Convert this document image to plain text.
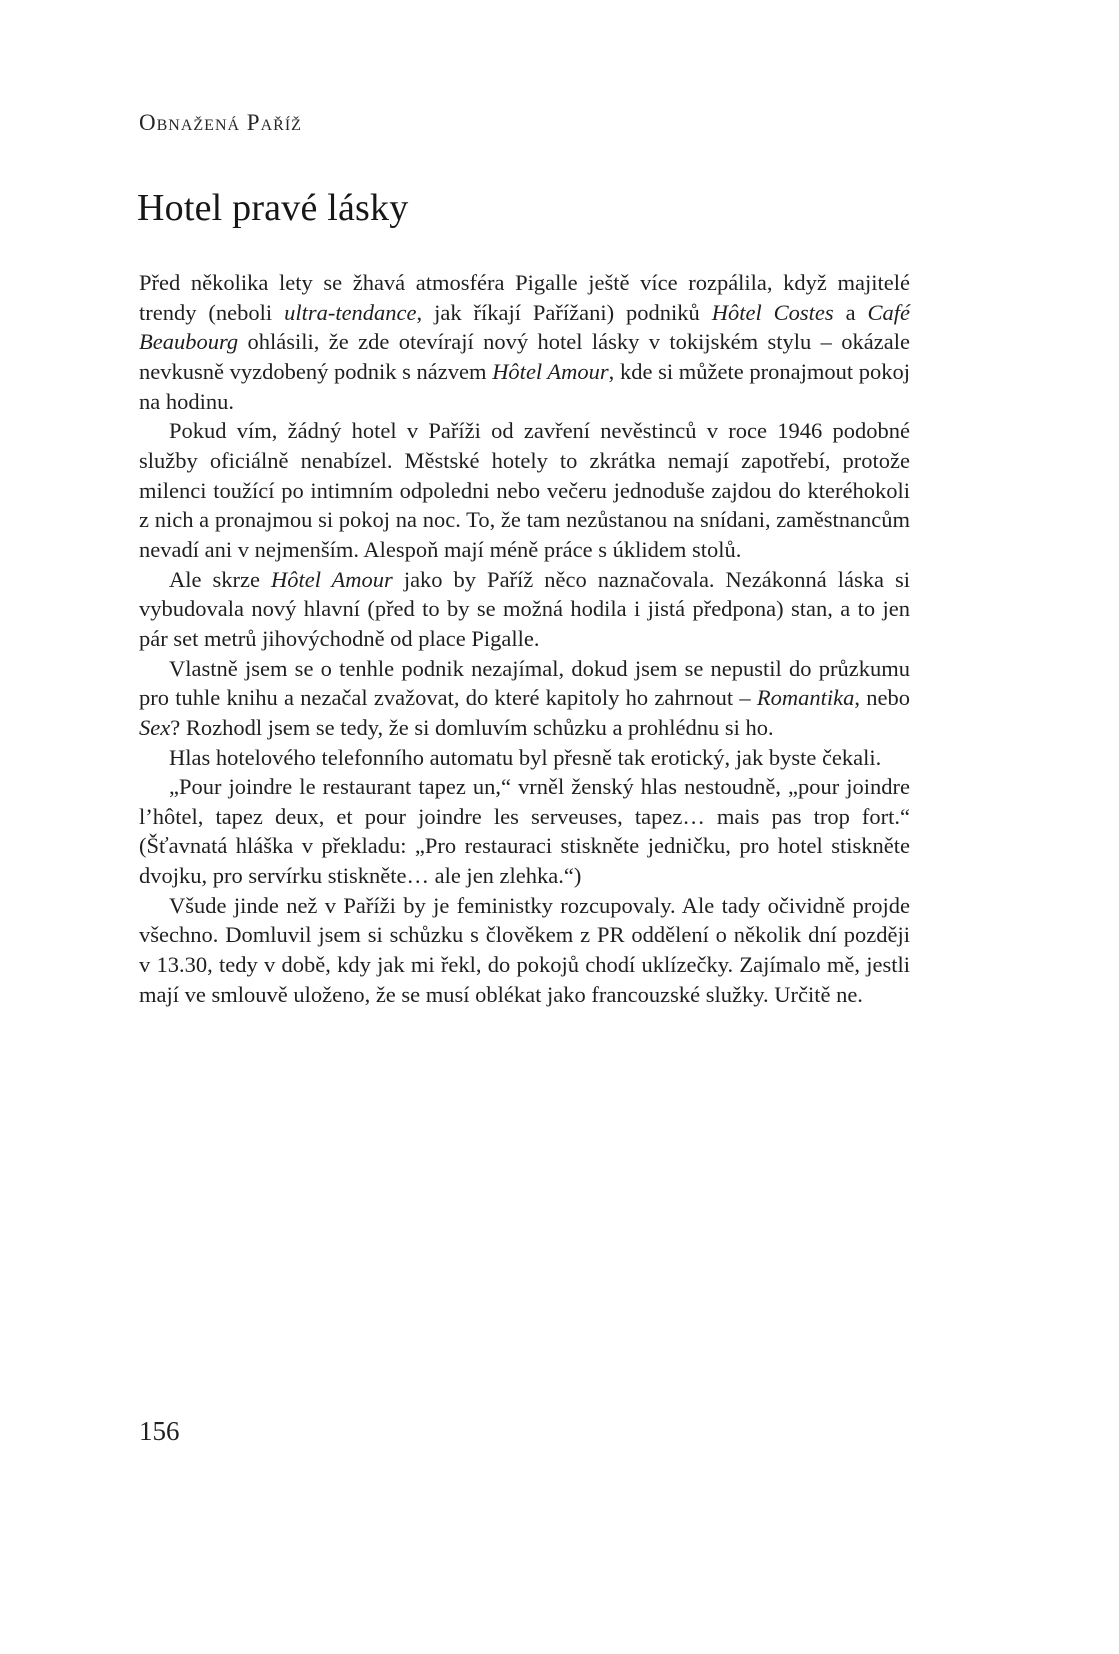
Obnažená Paříž
Hotel pravé lásky

Před několika lety se žhavá atmosféra Pigalle ještě více rozpálila, když majitelé trendy (neboli ultra-tendance, jak říkají Pařížani) podniků Hôtel Costes a Café Beaubourg ohlásili, že zde otevírají nový hotel lásky v tokijském stylu – okázale nevkusně vyzdobený podnik s názvem Hôtel Amour, kde si můžete pronajmout pokoj na hodinu.

Pokud vím, žádný hotel v Paříži od zavření nevěstinců v roce 1946 podobné služby oficiálně nenabízel. Městské hotely to zkrátka nemají zapotřebí, protože milenci toužící po intimním odpoledni nebo večeru jednoduše zajdou do kteréhokoli z nich a pronajmou si pokoj na noc. To, že tam nezůstanou na snídani, zaměstnancům nevadí ani v nejmenším. Alespoň mají méně práce s úklidem stolů.

Ale skrze Hôtel Amour jako by Paříž něco naznačovala. Nezákonná láska si vybudovala nový hlavní (před to by se možná hodila i jistá předpona) stan, a to jen pár set metrů jihovýchodně od place Pigalle.

Vlastně jsem se o tenhle podnik nezajímal, dokud jsem se nepustil do průzkumu pro tuhle knihu a nezačal zvažovat, do které kapitoly ho zahrnout – Romantika, nebo Sex? Rozhodl jsem se tedy, že si domluvím schůzku a prohlédnu si ho.

Hlas hotelového telefonního automatu byl přesně tak erotický, jak byste čekali.

„Pour joindre le restaurant tapez un,“ vrněl ženský hlas nestoudně, „pour joindre l’hôtel, tapez deux, et pour joindre les serveuses, tapez… mais pas trop fort.“ (Šťavnatá hláška v překladu: „Pro restauraci stiskněte jedničku, pro hotel stiskněte dvojku, pro servírku stiskněte… ale jen zlehka.“)

Všude jinde než v Paříži by je feministky rozcupovaly. Ale tady očividně projde všechno. Domluvil jsem si schůzku s člověkem z PR oddělení o několik dní později v 13.30, tedy v době, kdy jak mi řekl, do pokojů chodí uklízečky. Zajímalo mě, jestli mají ve smlouvě uloženo, že se musí oblékat jako francouzské služky. Určitě ne.

156
